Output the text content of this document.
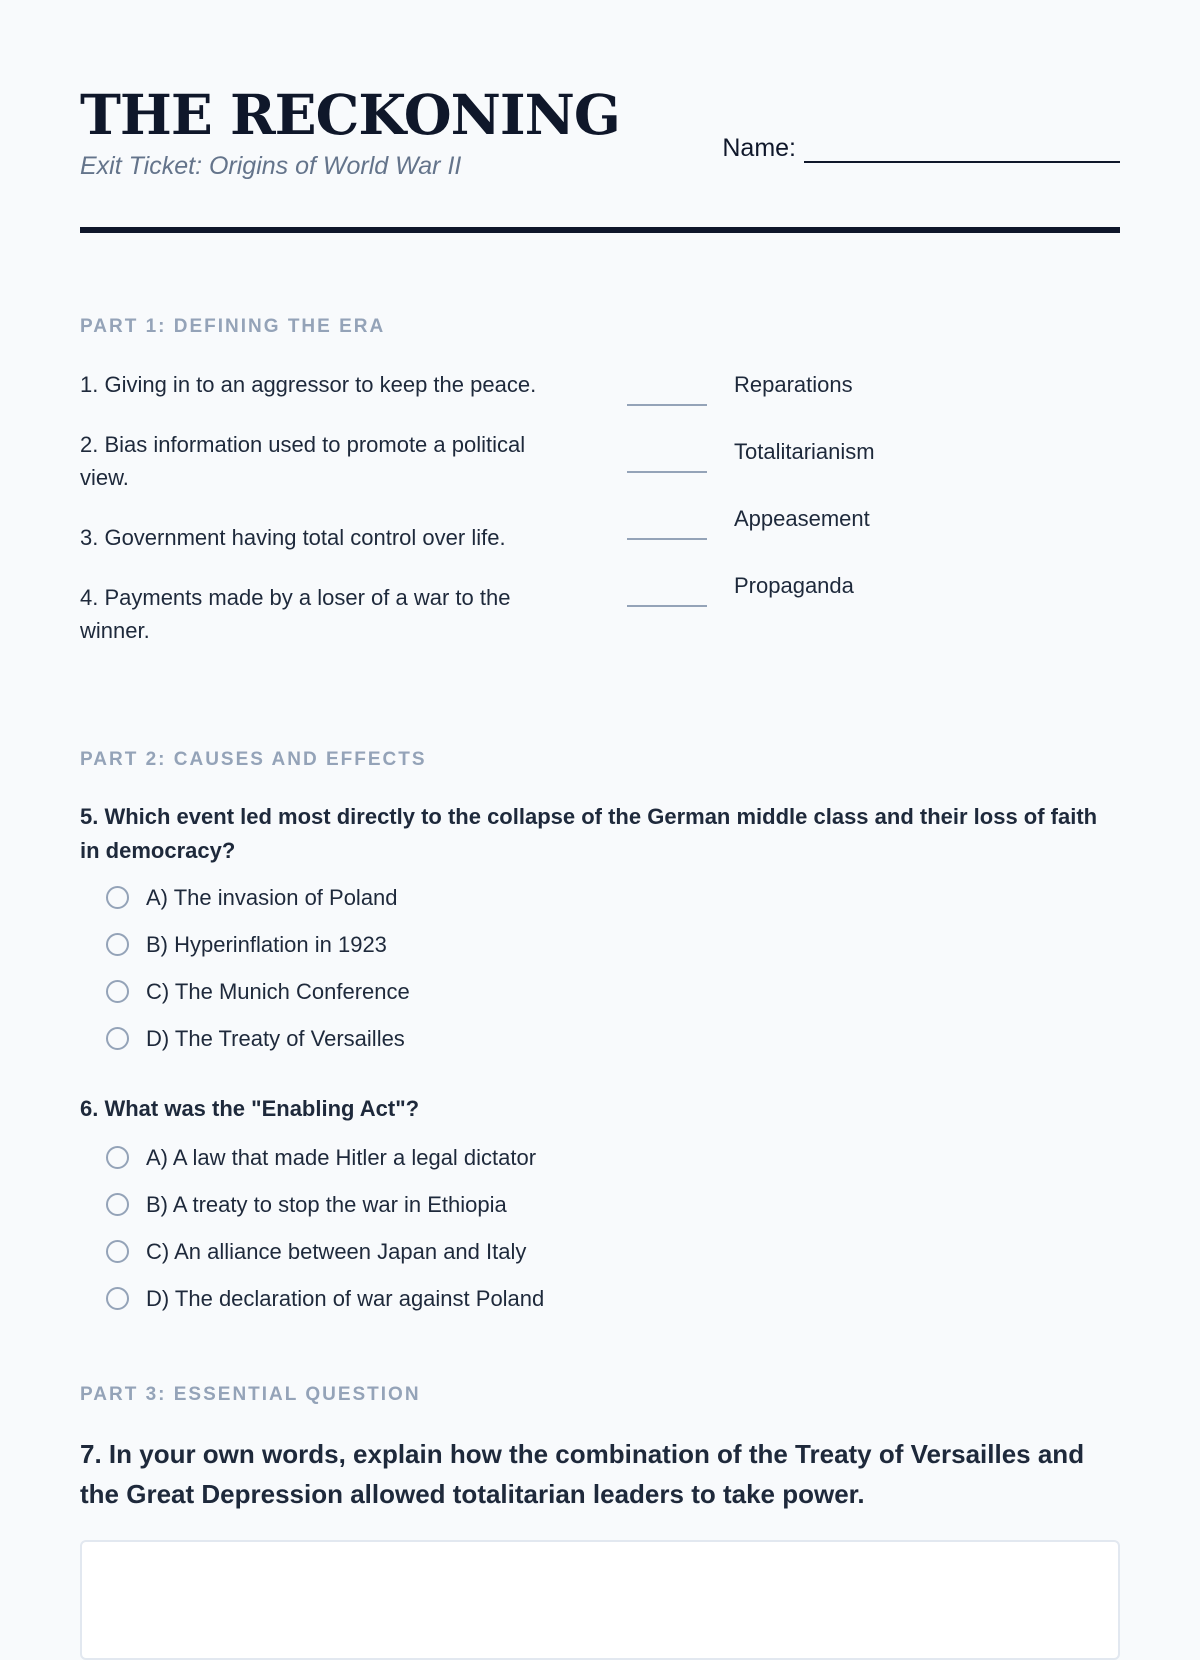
THE RECKONING
Exit Ticket: Origins of World War II
Name:
PART 1: DEFINING THE ERA
1. Giving in to an aggressor to keep the peace.
2. Bias information used to promote a political view.
3. Government having total control over life.
4. Payments made by a loser of a war to the winner.
Reparations
Totalitarianism
Appeasement
Propaganda
PART 2: CAUSES AND EFFECTS
5. Which event led most directly to the collapse of the German middle class and their loss of faith in democracy?
A) The invasion of Poland
B) Hyperinflation in 1923
C) The Munich Conference
D) The Treaty of Versailles
6. What was the "Enabling Act"?
A) A law that made Hitler a legal dictator
B) A treaty to stop the war in Ethiopia
C) An alliance between Japan and Italy
D) The declaration of war against Poland
PART 3: ESSENTIAL QUESTION
7. In your own words, explain how the combination of the Treaty of Versailles and the Great Depression allowed totalitarian leaders to take power.
